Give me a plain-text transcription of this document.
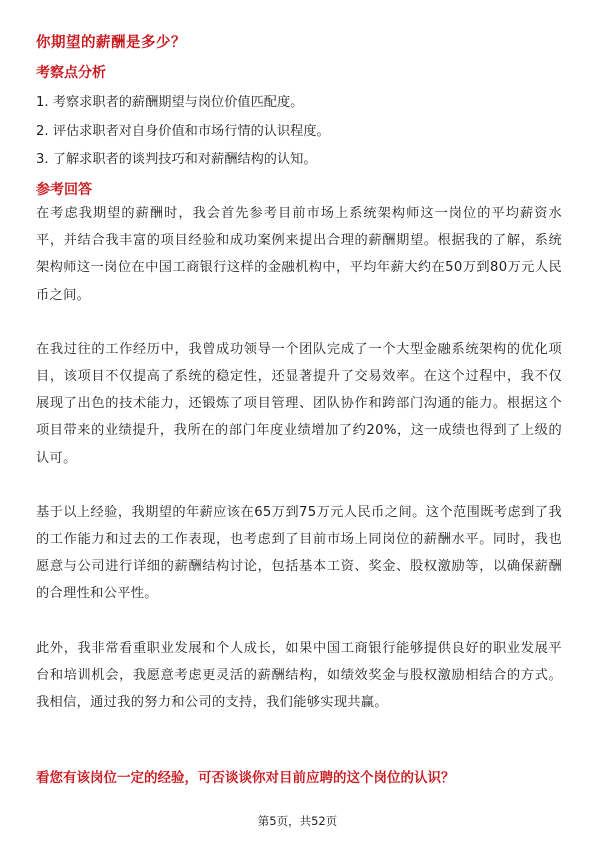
你期望的薪酬是多少？
考察点分析
1. 考察求职者的薪酬期望与岗位价值匹配度。
2. 评估求职者对自身价值和市场行情的认识程度。
3. 了解求职者的谈判技巧和对薪酬结构的认知。
参考回答

在考虑我期望的薪酬时，我会首先参考目前市场上系统架构师这一岗位的平均薪资水平，并结合我丰富的项目经验和成功案例来提出合理的薪酬期望。根据我的了解，系统架构师这一岗位在中国工商银行这样的金融机构中，平均年薪大约在50万到80万元人民币之间。

在我过往的工作经历中，我曾成功领导一个团队完成了一个大型金融系统架构的优化项目，该项目不仅提高了系统的稳定性，还显著提升了交易效率。在这个过程中，我不仅展现了出色的技术能力，还锻炼了项目管理、团队协作和跨部门沟通的能力。根据这个项目带来的业绩提升，我所在的部门年度业绩增加了约20%，这一成绩也得到了上级的认可。

基于以上经验，我期望的年薪应该在65万到75万元人民币之间。这个范围既考虑到了我的工作能力和过去的工作表现，也考虑到了目前市场上同岗位的薪酬水平。同时，我也愿意与公司进行详细的薪酬结构讨论，包括基本工资、奖金、股权激励等，以确保薪酬的合理性和公平性。

此外，我非常看重职业发展和个人成长，如果中国工商银行能够提供良好的职业发展平台和培训机会，我愿意考虑更灵活的薪酬结构，如绩效奖金与股权激励相结合的方式。我相信，通过我的努力和公司的支持，我们能够实现共赢。

看您有该岗位一定的经验，可否谈谈你对目前应聘的这个岗位的认识？
第5页，共52页
